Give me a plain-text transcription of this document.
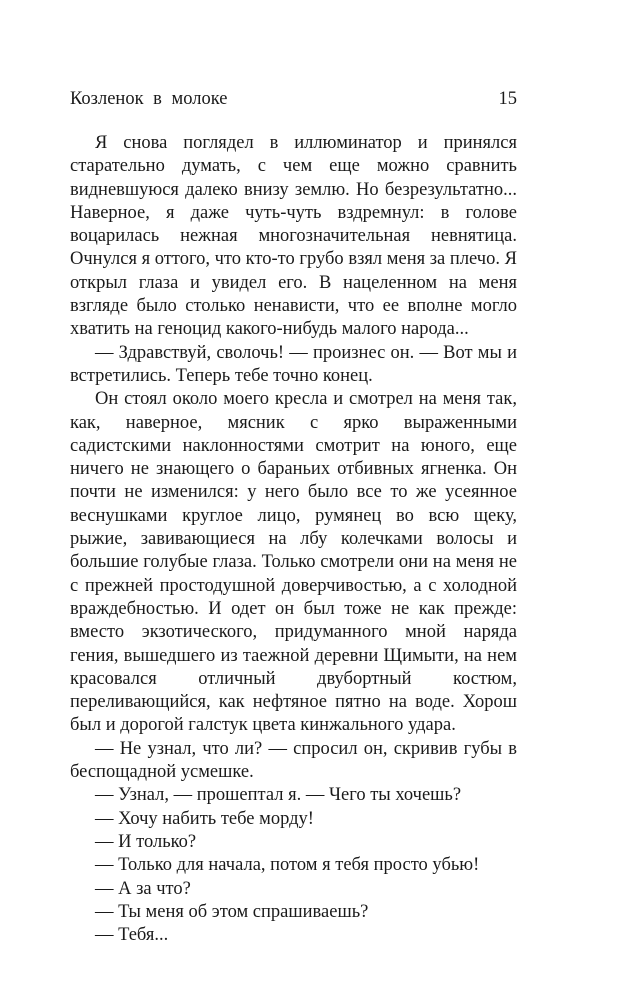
Козленок в молоке	15

Я снова поглядел в иллюминатор и принялся старательно думать, с чем еще можно сравнить видневшуюся далеко внизу землю. Но безрезультатно... Наверное, я даже чуть-чуть вздремнул: в голове воцарилась нежная многозначительная невнятица. Очнулся я оттого, что кто-то грубо взял меня за плечо. Я открыл глаза и увидел его. В нацеленном на меня взгляде было столько ненависти, что ее вполне могло хватить на геноцид какого-нибудь малого народа...

— Здравствуй, сволочь! — произнес он. — Вот мы и встретились. Теперь тебе точно конец.

Он стоял около моего кресла и смотрел на меня так, как, наверное, мясник с ярко выраженными садистскими наклонностями смотрит на юного, еще ничего не знающего о бараньих отбивных ягненка. Он почти не изменился: у него было все то же усеянное веснушками круглое лицо, румянец во всю щеку, рыжие, завивающиеся на лбу колечками волосы и большие голубые глаза. Только смотрели они на меня не с прежней простодушной доверчивостью, а с холодной враждебностью. И одет он был тоже не как прежде: вместо экзотического, придуманного мной наряда гения, вышедшего из таежной деревни Щимыти, на нем красовался отличный двубортный костюм, переливающийся, как нефтяное пятно на воде. Хорош был и дорогой галстук цвета кинжального удара.

— Не узнал, что ли? — спросил он, скривив губы в беспощадной усмешке.

— Узнал, — прошептал я. — Чего ты хочешь?

— Хочу набить тебе морду!

— И только?

— Только для начала, потом я тебя просто убью!

— А за что?

— Ты меня об этом спрашиваешь?

— Тебя...
